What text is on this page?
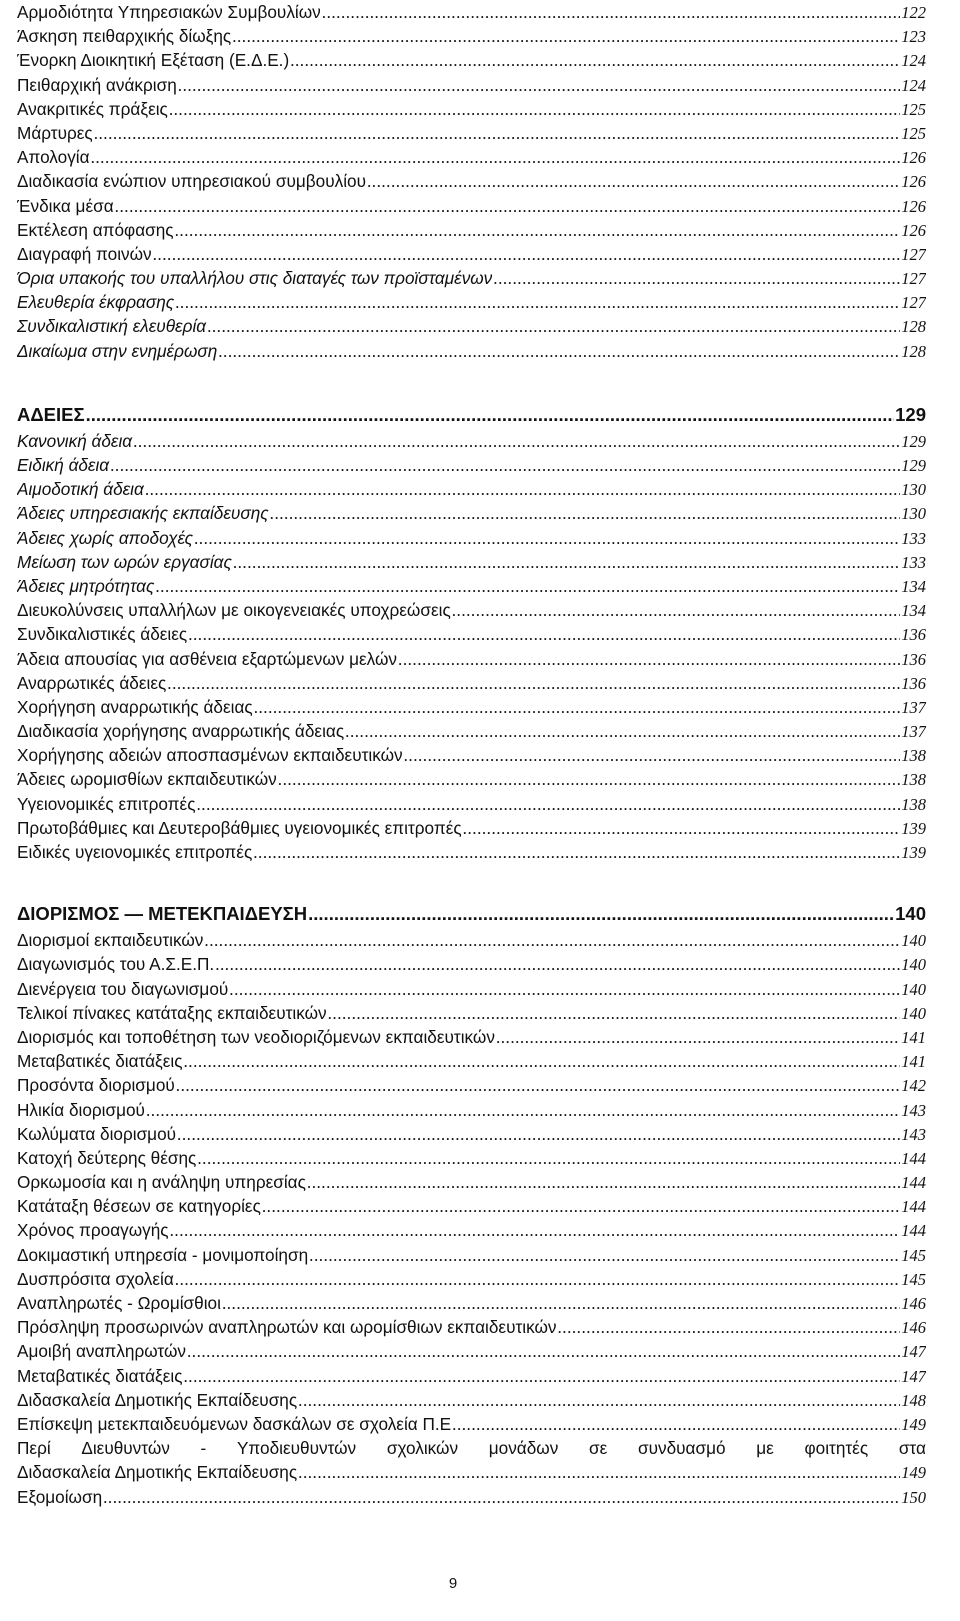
Αρμοδιότητα Υπηρεσιακών Συμβουλίων .....	122
Άσκηση πειθαρχικής δίωξης .....	123
Ένορκη Διοικητική Εξέταση (Ε.Δ.Ε.) .....	124
Πειθαρχική ανάκριση .....	124
Ανακριτικές πράξεις .....	125
Μάρτυρες .....	125
Απολογία .....	126
Διαδικασία ενώπιον υπηρεσιακού συμβουλίου .....	126
Ένδικα μέσα .....	126
Εκτέλεση απόφασης .....	126
Διαγραφή ποινών .....	127
Όρια υπακοής του υπαλλήλου στις διαταγές των προϊσταμένων .....	127
Ελευθερία έκφρασης .....	127
Συνδικαλιστική ελευθερία .....	128
Δικαίωμα στην ενημέρωση .....	128
ΑΔΕΙΕΣ .....	129
Κανονική άδεια .....	129
Ειδική άδεια .....	129
Αιμοδοτική άδεια .....	130
Άδειες υπηρεσιακής εκπαίδευσης .....	130
Άδειες χωρίς αποδοχές .....	133
Μείωση των ωρών εργασίας .....	133
Άδειες μητρότητας .....	134
Διευκολύνσεις υπαλλήλων με οικογενειακές υποχρεώσεις .....	134
Συνδικαλιστικές άδειες .....	136
Άδεια απουσίας για ασθένεια εξαρτώμενων μελών .....	136
Αναρρωτικές άδειες .....	136
Χορήγηση αναρρωτικής άδειας .....	137
Διαδικασία χορήγησης αναρρωτικής άδειας .....	137
Χορήγησης αδειών αποσπασμένων εκπαιδευτικών .....	138
Άδειες ωρομισθίων εκπαιδευτικών .....	138
Υγειονομικές επιτροπές .....	138
Πρωτοβάθμιες και Δευτεροβάθμιες υγειονομικές επιτροπές .....	139
Ειδικές υγειονομικές επιτροπές .....	139
ΔΙΟΡΙΣΜΟΣ — ΜΕΤΕΚΠΑΙΔΕΥΣΗ .....	140
Διορισμοί εκπαιδευτικών .....	140
Διαγωνισμός του Α.Σ.Ε.Π. .....	140
Διενέργεια του διαγωνισμού .....	140
Τελικοί πίνακες κατάταξης εκπαιδευτικών .....	140
Διορισμός και τοποθέτηση των νεοδιοριζόμενων εκπαιδευτικών .....	141
Μεταβατικές διατάξεις .....	141
Προσόντα διορισμού .....	142
Ηλικία διορισμού .....	143
Κωλύματα διορισμού .....	143
Κατοχή δεύτερης θέσης .....	144
Ορκωμοσία και η ανάληψη υπηρεσίας .....	144
Κατάταξη θέσεων σε κατηγορίες .....	144
Χρόνος προαγωγής .....	144
Δοκιμαστική υπηρεσία - μονιμοποίηση .....	145
Δυσπρόσιτα σχολεία .....	145
Αναπληρωτές - Ωρομίσθιοι .....	146
Πρόσληψη προσωρινών αναπληρωτών και ωρομίσθιων εκπαιδευτικών .....	146
Αμοιβή αναπληρωτών .....	147
Μεταβατικές διατάξεις .....	147
Διδασκαλεία Δημοτικής Εκπαίδευσης .....	148
Επίσκεψη μετεκπαιδευόμενων δασκάλων σε σχολεία Π.Ε .....	149
Περί Διευθυντών - Υποδιευθυντών σχολικών μονάδων σε συνδυασμό με φοιτητές στα
Διδασκαλεία Δημοτικής Εκπαίδευσης .....	149
Εξομοίωση .....	150
9
